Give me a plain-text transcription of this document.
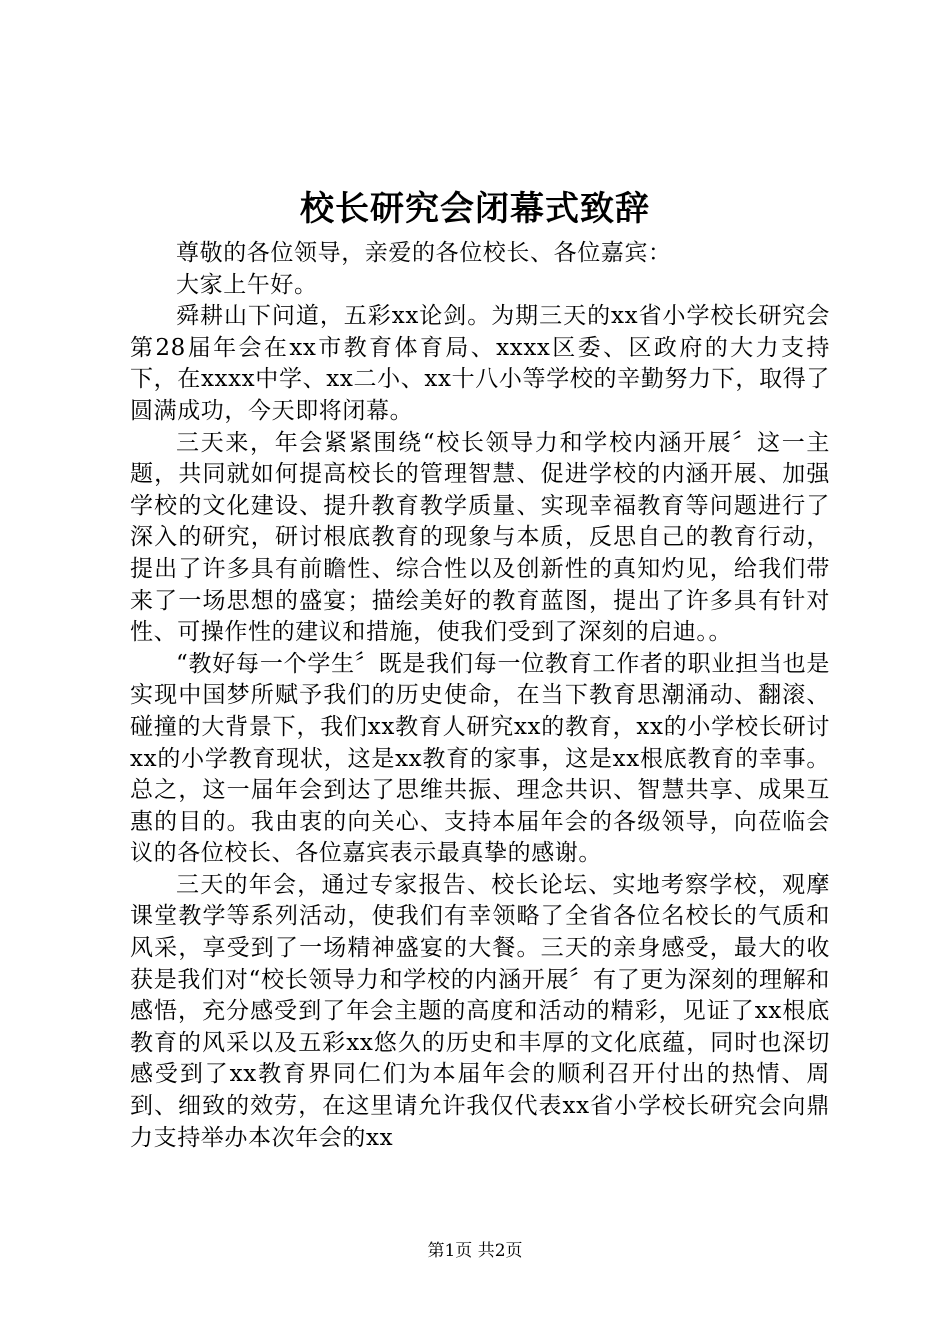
校长研究会闭幕式致辞

尊敬的各位领导，亲爱的各位校长、各位嘉宾：

大家上午好。

舜耕山下问道，五彩xx论剑。为期三天的xx省小学校长研究会第28届年会在xx市教育体育局、xxxx区委、区政府的大力支持下，在xxxx中学、xx二小、xx十八小等学校的辛勤努力下，取得了圆满成功，今天即将闭幕。

三天来，年会紧紧围绕“校长领导力和学校内涵开展〞这一主题，共同就如何提高校长的管理智慧、促进学校的内涵开展、加强学校的文化建设、提升教育教学质量、实现幸福教育等问题进行了深入的研究，研讨根底教育的现象与本质，反思自己的教育行动，提出了许多具有前瞻性、综合性以及创新性的真知灼见，给我们带来了一场思想的盛宴；描绘美好的教育蓝图，提出了许多具有针对性、可操作性的建议和措施，使我们受到了深刻的启迪。。

“教好每一个学生〞既是我们每一位教育工作者的职业担当也是实现中国梦所赋予我们的历史使命，在当下教育思潮涌动、翻滚、碰撞的大背景下，我们xx教育人研究xx的教育，xx的小学校长研讨xx的小学教育现状，这是xx教育的家事，这是xx根底教育的幸事。总之，这一届年会到达了思维共振、理念共识、智慧共享、成果互惠的目的。我由衷的向关心、支持本届年会的各级领导，向莅临会议的各位校长、各位嘉宾表示最真挚的感谢。

三天的年会，通过专家报告、校长论坛、实地考察学校，观摩课堂教学等系列活动，使我们有幸领略了全省各位名校长的气质和风采，享受到了一场精神盛宴的大餐。三天的亲身感受，最大的收获是我们对“校长领导力和学校的内涵开展〞有了更为深刻的理解和感悟，充分感受到了年会主题的高度和活动的精彩，见证了xx根底教育的风采以及五彩xx悠久的历史和丰厚的文化底蕴，同时也深切感受到了xx教育界同仁们为本届年会的顺利召开付出的热情、周到、细致的效劳，在这里请允许我仅代表xx省小学校长研究会向鼎力支持举办本次年会的xx

第1页 共2页
